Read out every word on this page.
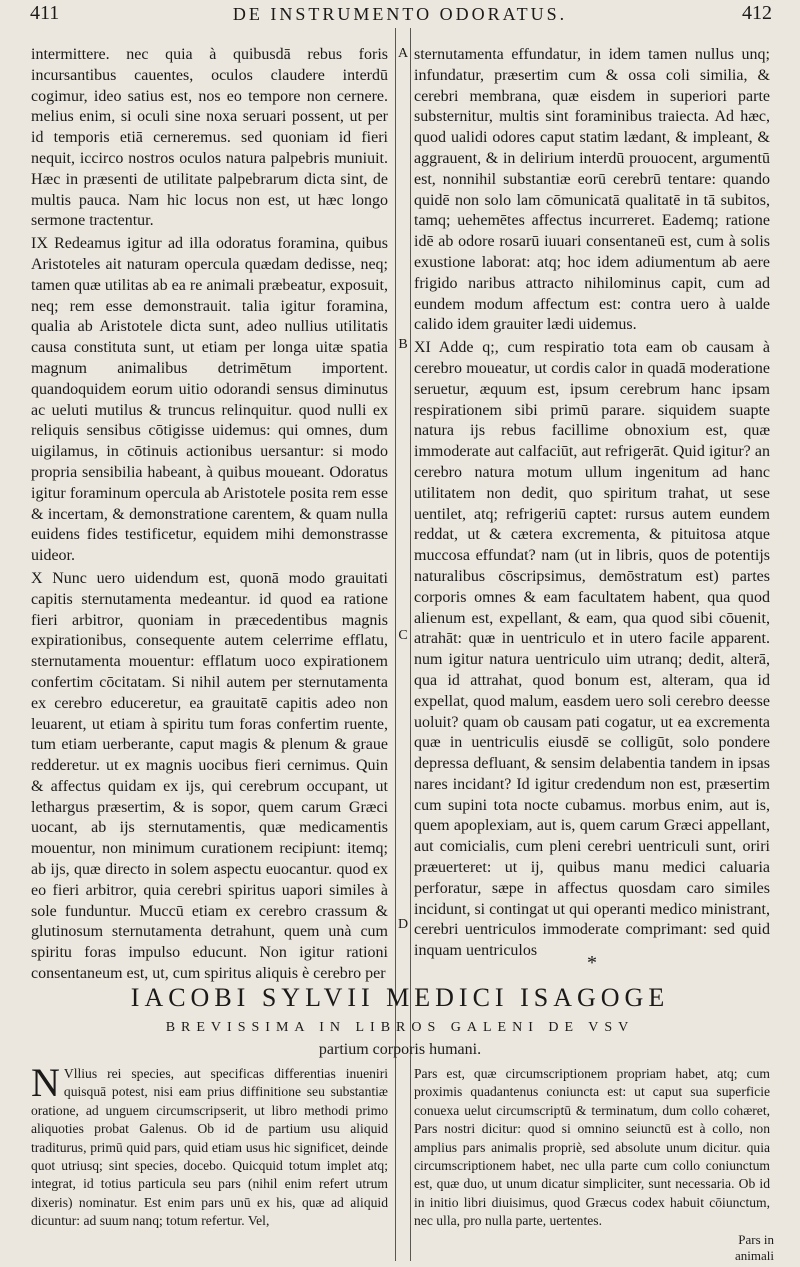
411	DE INSTRUMENTO ODORATUS.	412
A
B
C
D

intermittere. nec quia à quibusdā rebus foris incursantibus cauentes, oculos claudere interdū cogimur, ideo satius est, nos eo tempore non cernere. melius enim, si oculi sine noxa seruari possent, ut per id temporis etiā cerneremus. sed quoniam id fieri nequit, iccirco nostros oculos natura palpebris muniuit. Hæc in præsenti de utilitate palpebrarum dicta sint, de multis pauca. Nam hic locus non est, ut hæc longo sermone tractentur.

IX Redeamus igitur ad illa odoratus foramina, quibus Aristoteles ait naturam opercula quædam dedisse, neq; tamen quæ utilitas ab ea re animali præbeatur, exposuit, neq; rem esse demonstrauit. talia igitur foramina, qualia ab Aristotele dicta sunt, adeo nullius utilitatis causa constituta sunt, ut etiam per longa uitæ spatia magnum animalibus detrimētum importent. quandoquidem eorum uitio odorandi sensus diminutus ac ueluti mutilus & truncus relinquitur. quod nulli ex reliquis sensibus cōtigisse uidemus: qui omnes, dum uigilamus, in cōtinuis actionibus uersantur: si modo propria sensibilia habeant, à quibus moueant. Odoratus igitur foraminum opercula ab Aristotele posita rem esse & incertam, & demonstratione carentem, & quam nulla euidens fides testificetur, equidem mihi demonstrasse uideor.

X Nunc uero uidendum est, quonā modo grauitati capitis sternutamenta medeantur. id quod ea ratione fieri arbitror, quoniam in præcedentibus magnis expirationibus, consequente autem celerrime efflatu, sternutamenta mouentur: efflatum uoco expirationem confertim cōcitatam. Si nihil autem per sternutamenta ex cerebro educeretur, ea grauitatē capitis adeo non leuarent, ut etiam à spiritu tum foras confertim ruente, tum etiam uerberante, caput magis & plenum & graue redderetur. ut ex magnis uocibus fieri cernimus. Quin & affectus quidam ex ijs, qui cerebrum occupant, ut lethargus præsertim, & is sopor, quem carum Græci uocant, ab ijs sternutamentis, quæ medicamentis mouentur, non minimum curationem recipiunt: itemq; ab ijs, quæ directo in solem aspectu euocantur. quod ex eo fieri arbitror, quia cerebri spiritus uapori similes à sole funduntur. Muccū etiam ex cerebro crassum & glutinosum sternutamenta detrahunt, quem unà cum spiritu foras impulso educunt. Non igitur rationi consentaneum est, ut, cum spiritus aliquis è cerebro per

sternutamenta effundatur, in idem tamen nullus unq; infundatur, præsertim cum & ossa coli similia, & cerebri membrana, quæ eisdem in superiori parte substernitur, multis sint foraminibus traiecta. Ad hæc, quod ualidi odores caput statim lædant, & impleant, & aggrauent, & in delirium interdū prouocent, argumentū est, nonnihil substantiæ eorū cerebrū tentare: quando quidē non solo lam cōmunicatā qualitatē in tā subitos, tamq; uehemētes affectus incurreret. Eademq; ratione idē ab odore rosarū iuuari consentaneū est, cum à solis exustione laborat: atq; hoc idem adiumentum ab aere frigido naribus attracto nihilominus capit, cum ad eundem modum affectum est: contra uero à ualde calido idem grauiter lædi uidemus.

XI Adde q;, cum respiratio tota eam ob causam à cerebro moueatur, ut cordis calor in quadā moderatione seruetur, æquum est, ipsum cerebrum hanc ipsam respirationem sibi primū parare. siquidem suapte natura ijs rebus facillime obnoxium est, quæ immoderate aut calfaciūt, aut refrigerāt. Quid igitur? an cerebro natura motum ullum ingenitum ad hanc utilitatem non dedit, quo spiritum trahat, ut sese uentilet, atq; refrigeriū captet: rursus autem eundem reddat, ut & cætera excrementa, & pituitosa atque muccosa effundat? nam (ut in libris, quos de potentijs naturalibus cōscripsimus, demōstratum est) partes corporis omnes & eam facultatem habent, qua quod alienum est, expellant, & eam, qua quod sibi cōuenit, atrahāt: quæ in uentriculo et in utero facile apparent. num igitur natura uentriculo uim utranq; dedit, alterā, qua id attrahat, quod bonum est, alteram, qua id expellat, quod malum, easdem uero soli cerebro deesse uoluit? quam ob causam pati cogatur, ut ea excrementa quæ in uentriculis eiusdē se colligūt, solo pondere depressa defluant, & sensim delabentia tandem in ipsas nares incidant? Id igitur credendum non est, præsertim cum supini tota nocte cubamus. morbus enim, aut is, quem apoplexiam, aut is, quem carum Græci appellant, aut comicialis, cum pleni cerebri uentriculi sunt, oriri præuerteret: ut ij, quibus manu medici caluaria perforatur, sæpe in affectus quosdam caro similes incidunt, si contingat ut qui operanti medico ministrant, cerebri uentriculos immoderate comprimant: sed quid inquam uentriculos

*
IACOBI SYLVII MEDICI ISAGOGE
BREVISSIMA IN LIBROS GALENI DE VSV
partium corporis humani.
N Vllius rei species, aut specificas differentias inueniri quisquā potest, nisi eam prius diffinitione seu substantiæ oratione, ad unguem circumscripserit, ut libro methodi primo aliquoties probat Galenus. Ob id de partium usu aliquid traditurus, primū quid pars, quid etiam usus hic significet, deinde quot utriusq; sint species, docebo. Quicquid totum implet atq; integrat, id totius particula seu pars (nihil enim refert utrum dixeris) nominatur. Est enim pars unū ex his, quæ ad aliquid dicuntur: ad suum nanq; totum refertur. Vel,
Pars est, quæ circumscriptionem propriam habet, atq; cum proximis quadantenus coniuncta est: ut caput sua superficie conuexa uelut circumscriptū & terminatum, dum collo cohæret, Pars nostri dicitur: quod si omnino seiunctū est à collo, non amplius pars animalis propriè, sed absolute unum dicitur. quia circumscriptionem habet, nec ulla parte cum collo coniunctum est, quæ duo, ut unum dicatur simpliciter, sunt necessaria. Ob id in initio libri diuisimus, quod Græcus codex habuit cōiunctum, nec ulla, pro nulla parte, uertentes.
Pars in animali
